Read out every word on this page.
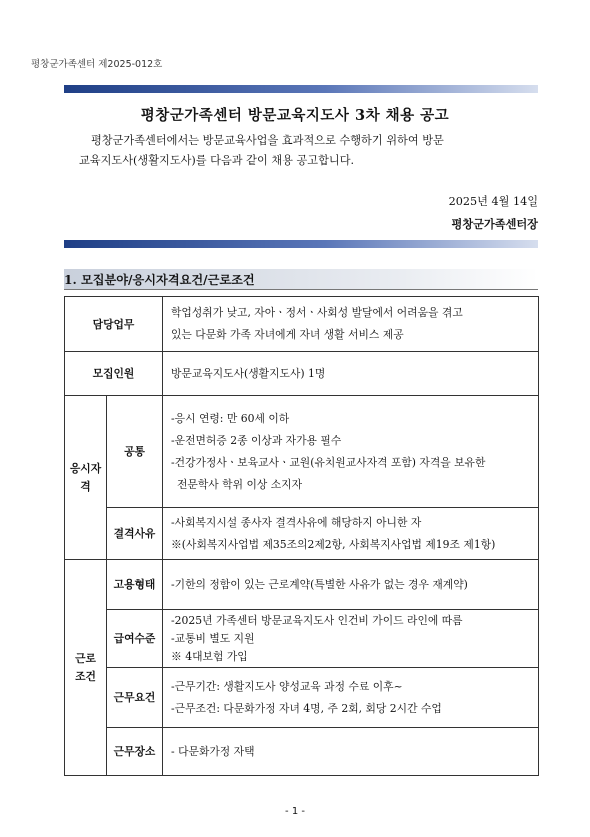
평창군가족센터 제2025-012호
평창군가족센터 방문교육지도사 3차 채용 공고

평창군가족센터에서는 방문교육사업을 효과적으로 수행하기 위하여 방문

교육지도사(생활지도사)를 다음과 같이 채용 공고합니다.

2025년 4월 14일
평창군가족센터장
1. 모집분야/응시자격요건/근로조건
담당업무		학업성취가 낮고, 자아ㆍ정서ㆍ사회성 발달에서 어려움을 겪고
있는 다문화 가족 자녀에게 자녀 생활 서비스 제공

모집인원		방문교육지도사(생활지도사) 1명

응시자
격	공통	-응시 연령: 만 60세 이하
-운전면허증 2종 이상과 자가용 필수
-건강가정사ㆍ보육교사ㆍ교원(유치원교사자격 포함) 자격을 보유한
전문학사 학위 이상 소지자

	결격사유	-사회복지시설 종사자 결격사유에 해당하지 아니한 자
※(사회복지사업법 제35조의2제2항, 사회복지사업법 제19조 제1항)

근로
조건	고용형태	-기한의 정함이 있는 근로계약(특별한 사유가 없는 경우 재계약)
	급여수준	-2025년 가족센터 방문교육지도사 인건비 가이드 라인에 따름
-교통비 별도 지원
※ 4대보험 가입

	근무요건	-근무기간: 생활지도사 양성교육 과정 수료 이후~
-근무조건: 다문화가정 자녀 4명, 주 2회, 회당 2시간 수업

	근무장소	- 다문화가정 자택
- 1 -
